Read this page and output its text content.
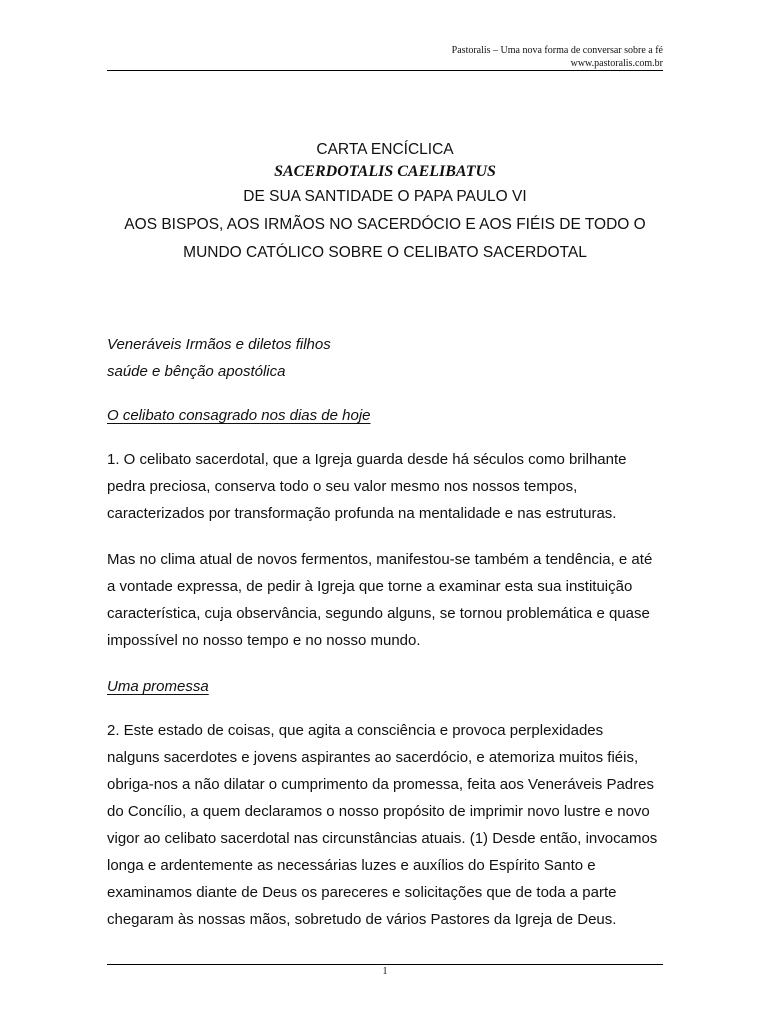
Pastoralis – Uma nova forma de conversar sobre a fé
www.pastoralis.com.br
CARTA ENCÍCLICA
SACERDOTALIS CAELIBATUS
DE SUA SANTIDADE O PAPA PAULO VI
AOS BISPOS, AOS IRMÃOS NO SACERDÓCIO E AOS FIÉIS DE TODO O
MUNDO CATÓLICO SOBRE O CELIBATO SACERDOTAL

Veneráveis Irmãos e diletos filhos

saúde e bênção apostólica

O celibato consagrado nos dias de hoje

1. O celibato sacerdotal, que a Igreja guarda desde há séculos como brilhante

pedra preciosa, conserva todo o seu valor mesmo nos nossos tempos,

caracterizados por transformação profunda na mentalidade e nas estruturas.

Mas no clima atual de novos fermentos, manifestou-se também a tendência, e até

a vontade expressa, de pedir à Igreja que torne a examinar esta sua instituição

característica, cuja observância, segundo alguns, se tornou problemática e quase

impossível no nosso tempo e no nosso mundo.

Uma promessa

2. Este estado de coisas, que agita a consciência e provoca perplexidades

nalguns sacerdotes e jovens aspirantes ao sacerdócio, e atemoriza muitos fiéis,

obriga-nos a não dilatar o cumprimento da promessa, feita aos Veneráveis Padres

do Concílio, a quem declaramos o nosso propósito de imprimir novo lustre e novo

vigor ao celibato sacerdotal nas circunstâncias atuais. (1) Desde então, invocamos

longa e ardentemente as necessárias luzes e auxílios do Espírito Santo e

examinamos diante de Deus os pareceres e solicitações que de toda a parte

chegaram às nossas mãos, sobretudo de vários Pastores da Igreja de Deus.

1
